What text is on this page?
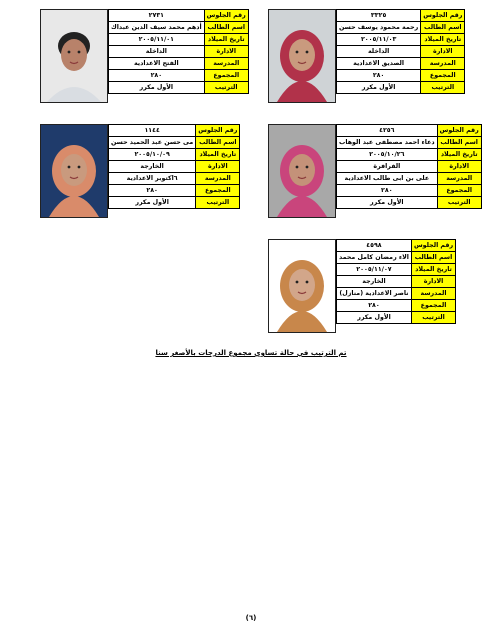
٣٣٢٥	رقم الجلوس
رحمة محمود يوسف حسن	اسم الطالب
٢٠٠٥/١١/٠٣	تاريخ الميلاد
الداخلة	الادارة
الصديق الاعدادية	المدرسة
٢٨٠	المجموع
الأول مكرر	الترتيب
٢٧٣١	رقم الجلوس
أدهم محمد سيف الدين عبداك	اسم الطالب
٢٠٠٥/١١/٠١	تاريخ الميلاد
الداخلة	الادارة
الفتح الاعدادية	المدرسة
٢٨٠	المجموع
الأول مكرر	الترتيب
٤٢٥٦	رقم الجلوس
دعاء احمد مصطفى عبد الوهاب	اسم الطالب
٢٠٠٥/١٠/٢٦	تاريخ الميلاد
الفرافرة	الادارة
على بن ابى طالب الاعدادية	المدرسة
٢٨٠	المجموع
الأول مكرر	الترتيب
١١٤٤	رقم الجلوس
مى حسن عبد الحميد حسن	اسم الطالب
٢٠٠٥/١٠/٠٩	تاريخ الميلاد
الخارجة	الادارة
٦اكتوبر الاعدادية	المدرسة
٢٨٠	المجموع
الأول مكرر	الترتيب
٤٥٩٨	رقم الجلوس
الاء رمضان كامل محمد	اسم الطالب
٢٠٠٥/١١/٠٧	تاريخ الميلاد
الخارجة	الادارة
ناصر الاعدادية (منازل)	المدرسة
٢٨٠	المجموع
الأول مكرر	الترتيب
تم الترتيب في حالة تساوي مجموع الدرجات بالأصغر سنا
(٦)
